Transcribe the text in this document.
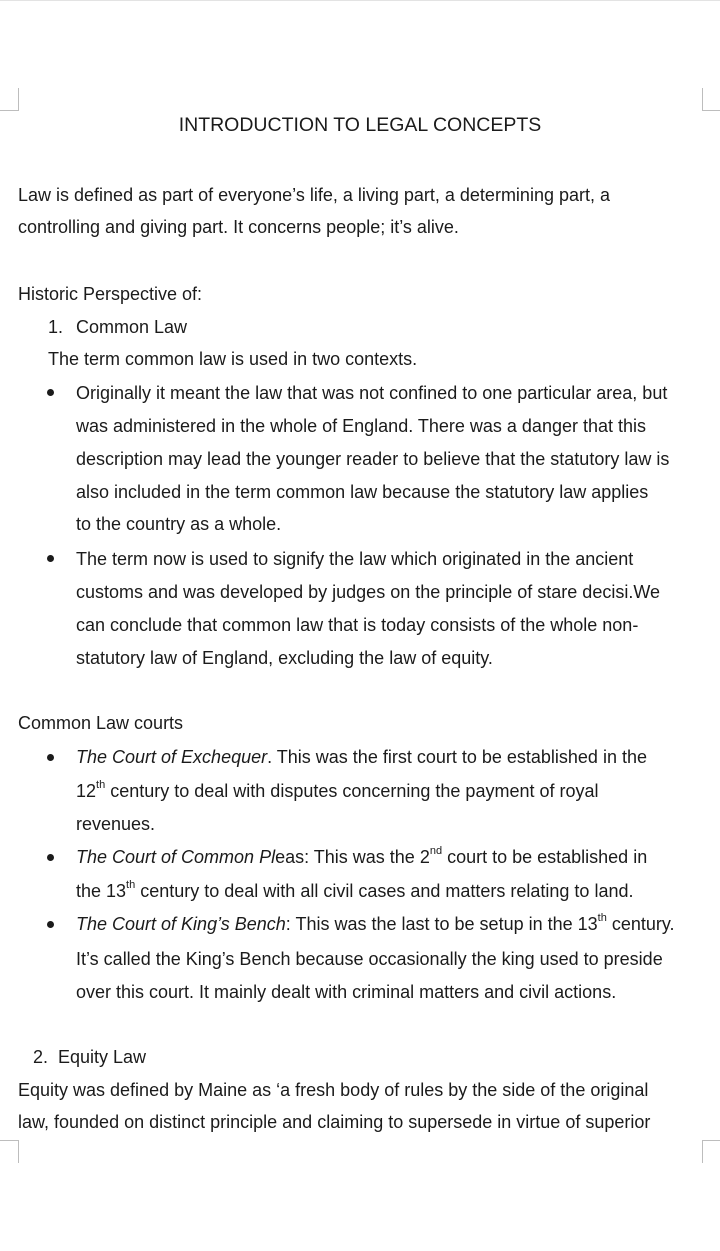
INTRODUCTION TO LEGAL CONCEPTS
Law is defined as part of everyone’s life, a living part, a determining part, a
controlling and giving part. It concerns people; it’s alive.
Historic Perspective of:
1. Common Law
The term common law is used in two contexts.
Originally it meant the law that was not confined to one particular area, but
was administered in the whole of England. There was a danger that this
description may lead the younger reader to believe that the statutory law is
also included in the term common law because the statutory law applies
to the country as a whole.
The term now is used to signify the law which originated in the ancient
customs and was developed by judges on the principle of stare decisi.We
can conclude that common law that is today consists of the whole non-
statutory law of England, excluding the law of equity.
Common Law courts
The Court of Exchequer. This was the first court to be established in the
12th century to deal with disputes concerning the payment of royal
revenues.
The Court of Common Pleas: This was the 2nd court to be established in
the 13th century to deal with all civil cases and matters relating to land.
The Court of King’s Bench: This was the last to be setup in the 13th century.
It’s called the King’s Bench because occasionally the king used to preside
over this court. It mainly dealt with criminal matters and civil actions.
2. Equity Law
Equity was defined by Maine as ‘a fresh body of rules by the side of the original
law, founded on distinct principle and claiming to supersede in virtue of superior
